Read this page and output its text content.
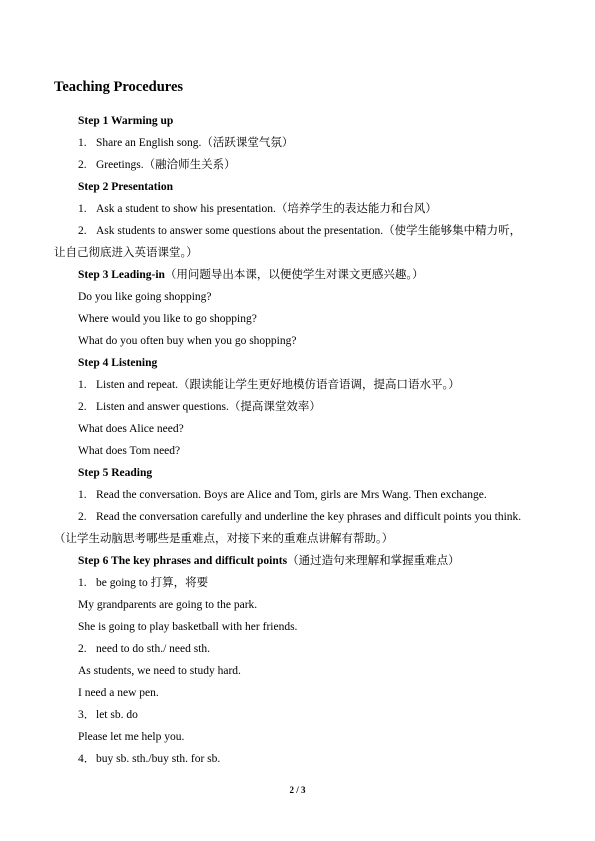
Teaching Procedures
Step 1 Warming up
1. Share an English song.（活跃课堂气氛）
2. Greetings.（融洽师生关系）
Step 2 Presentation
1. Ask a student to show his presentation.（培养学生的表达能力和台风）
2. Ask students to answer some questions about the presentation.（使学生能够集中精力听，
让自己彻底进入英语课堂。）
Step 3 Leading-in（用问题导出本课，以便使学生对课文更感兴趣。）
Do you like going shopping?
Where would you like to go shopping?
What do you often buy when you go shopping?
Step 4 Listening
1. Listen and repeat.（跟读能让学生更好地模仿语音语调，提高口语水平。）
2. Listen and answer questions.（提高课堂效率）
What does Alice need?
What does Tom need?
Step 5 Reading
1. Read the conversation. Boys are Alice and Tom, girls are Mrs Wang. Then exchange.
2. Read the conversation carefully and underline the key phrases and difficult points you think.
（让学生动脑思考哪些是重难点，对接下来的重难点讲解有帮助。）
Step 6 The key phrases and difficult points（通过造句来理解和掌握重难点）
1. be going to 打算，将要
My grandparents are going to the park.
She is going to play basketball with her friends.
2. need to do sth./ need sth.
As students, we need to study hard.
I need a new pen.
3．let sb. do
Please let me help you.
4．buy sb. sth./buy sth. for sb.
2 / 3
